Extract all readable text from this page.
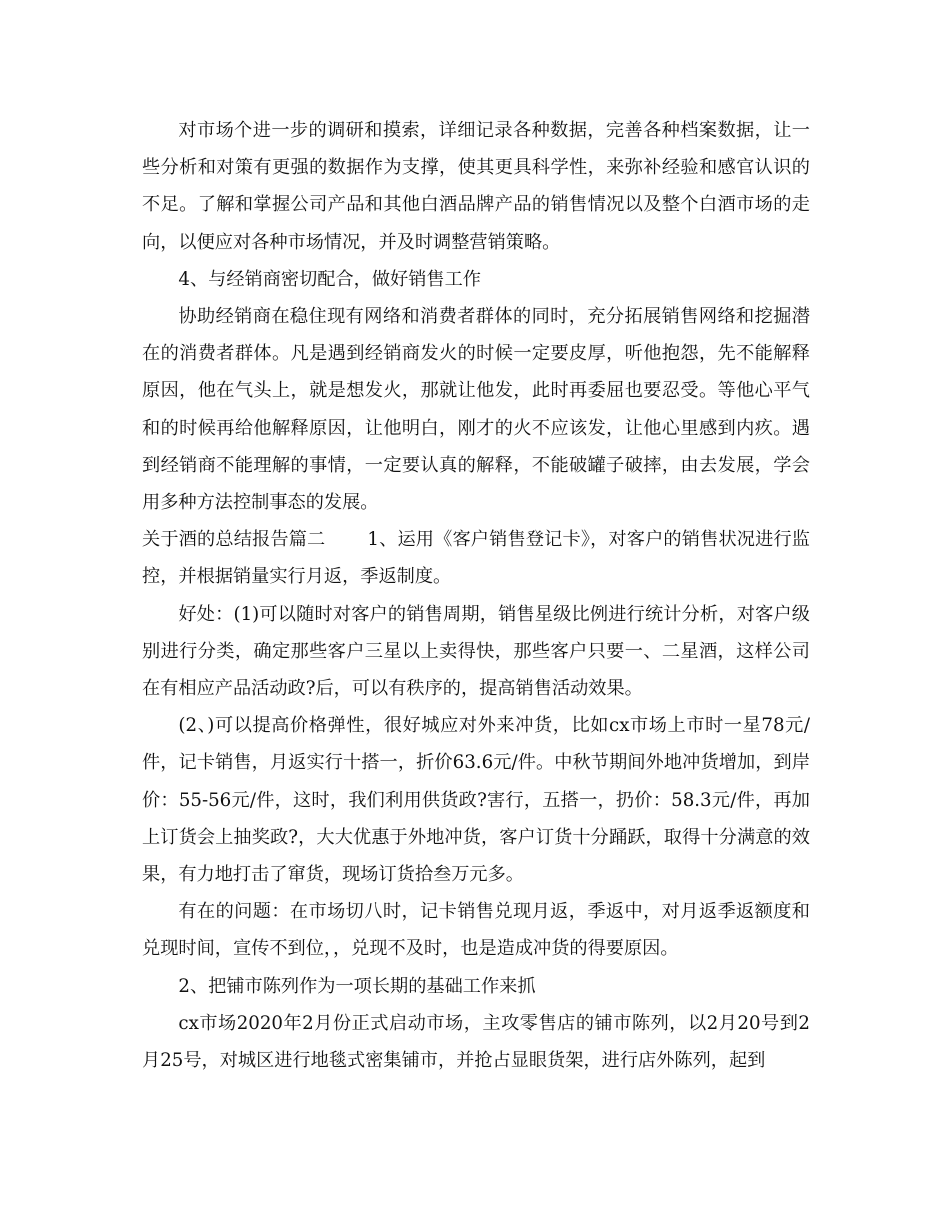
对市场个进一步的调研和摸索，详细记录各种数据，完善各种档案数据，让一些分析和对策有更强的数据作为支撑，使其更具科学性，来弥补经验和感官认识的不足。了解和掌握公司产品和其他白酒品牌产品的销售情况以及整个白酒市场的走向，以便应对各种市场情况，并及时调整营销策略。

4、与经销商密切配合，做好销售工作

协助经销商在稳住现有网络和消费者群体的同时，充分拓展销售网络和挖掘潜在的消费者群体。凡是遇到经销商发火的时候一定要皮厚，听他抱怨，先不能解释原因，他在气头上，就是想发火，那就让他发，此时再委屈也要忍受。等他心平气和的时候再给他解释原因，让他明白，刚才的火不应该发，让他心里感到内疚。遇到经销商不能理解的事情，一定要认真的解释，不能破罐子破摔，由去发展，学会用多种方法控制事态的发展。

关于酒的总结报告篇二 1、运用《客户销售登记卡》，对客户的销售状况进行监控，并根据销量实行月返，季返制度。

好处：(1)可以随时对客户的销售周期，销售星级比例进行统计分析，对客户级别进行分类，确定那些客户三星以上卖得快，那些客户只要一、二星酒，这样公司在有相应产品活动政?后，可以有秩序的，提高销售活动效果。

(2、)可以提高价格弹性，很好城应对外来冲货，比如cx市场上市时一星78元/件，记卡销售，月返实行十搭一，折价63.6元/件。中秋节期间外地冲货增加，到岸价：55-56元/件，这时，我们利用供货政?害行，五搭一，扔价：58.3元/件，再加上订货会上抽奖政?，大大优惠于外地冲货，客户订货十分踊跃，取得十分满意的效果，有力地打击了窜货，现场订货拾叁万元多。

有在的问题：在市场切八时，记卡销售兑现月返，季返中，对月返季返额度和兑现时间，宣传不到位，，兑现不及时，也是造成冲货的得要原因。

2、把铺市陈列作为一项长期的基础工作来抓

cx市场2020年2月份正式启动市场，主攻零售店的铺市陈列，以2月20号到2月25号，对城区进行地毯式密集铺市，并抢占显眼货架，进行店外陈列，起到
